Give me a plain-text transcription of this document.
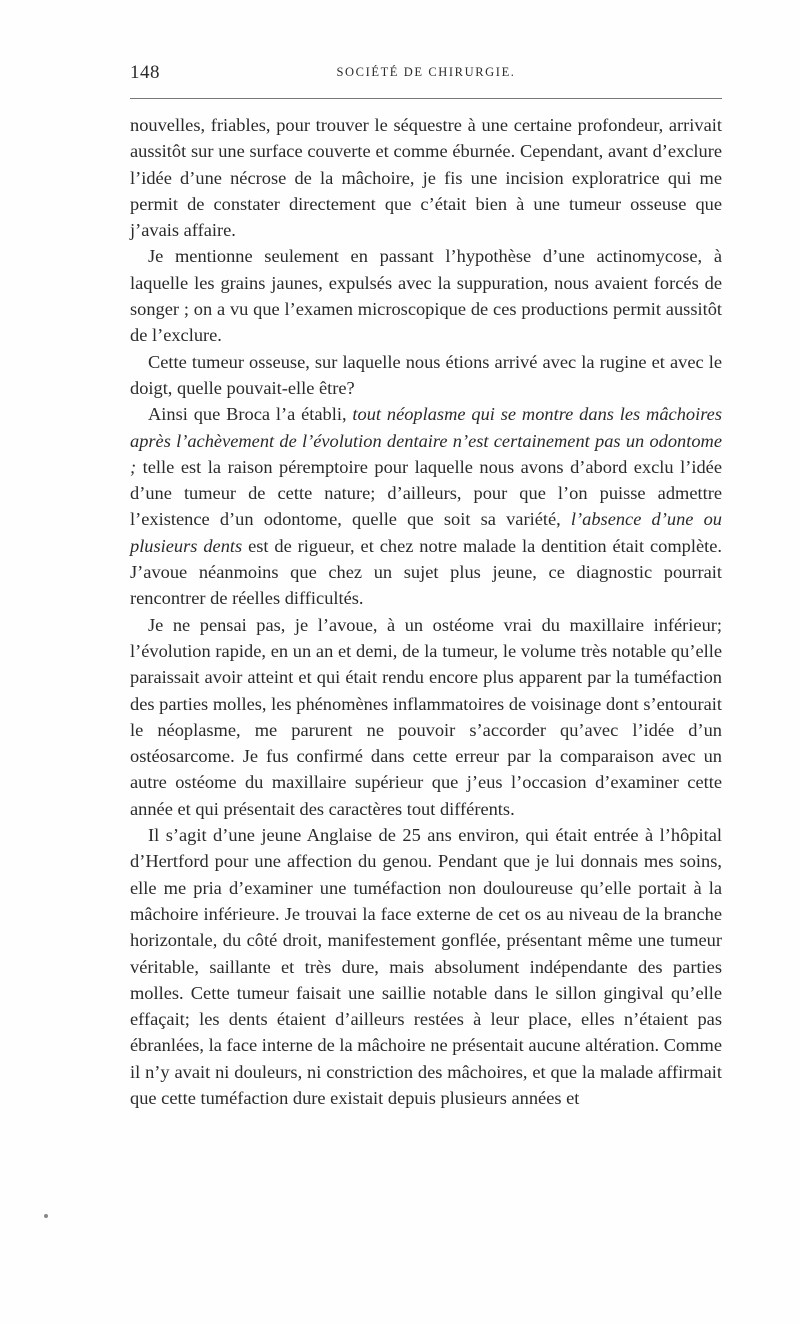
148	SOCIÉTÉ DE CHIRURGIE.

nouvelles, friables, pour trouver le séquestre à une certaine profondeur, arrivait aussitôt sur une surface couverte et comme éburnée. Cependant, avant d’exclure l’idée d’une nécrose de la mâchoire, je fis une incision exploratrice qui me permit de constater directement que c’était bien à une tumeur osseuse que j’avais affaire.

Je mentionne seulement en passant l’hypothèse d’une actinomycose, à laquelle les grains jaunes, expulsés avec la suppuration, nous avaient forcés de songer ; on a vu que l’examen microscopique de ces productions permit aussitôt de l’exclure.

Cette tumeur osseuse, sur laquelle nous étions arrivé avec la rugine et avec le doigt, quelle pouvait-elle être?

Ainsi que Broca l’a établi, tout néoplasme qui se montre dans les mâchoires après l’achèvement de l’évolution dentaire n’est certainement pas un odontome ; telle est la raison péremptoire pour laquelle nous avons d’abord exclu l’idée d’une tumeur de cette nature; d’ailleurs, pour que l’on puisse admettre l’existence d’un odontome, quelle que soit sa variété, l’absence d’une ou plusieurs dents est de rigueur, et chez notre malade la dentition était complète. J’avoue néanmoins que chez un sujet plus jeune, ce diagnostic pourrait rencontrer de réelles difficultés.

Je ne pensai pas, je l’avoue, à un ostéome vrai du maxillaire inférieur; l’évolution rapide, en un an et demi, de la tumeur, le volume très notable qu’elle paraissait avoir atteint et qui était rendu encore plus apparent par la tuméfaction des parties molles, les phénomènes inflammatoires de voisinage dont s’entourait le néoplasme, me parurent ne pouvoir s’accorder qu’avec l’idée d’un ostéosarcome. Je fus confirmé dans cette erreur par la comparaison avec un autre ostéome du maxillaire supérieur que j’eus l’occasion d’examiner cette année et qui présentait des caractères tout différents.

Il s’agit d’une jeune Anglaise de 25 ans environ, qui était entrée à l’hôpital d’Hertford pour une affection du genou. Pendant que je lui donnais mes soins, elle me pria d’examiner une tuméfaction non douloureuse qu’elle portait à la mâchoire inférieure. Je trouvai la face externe de cet os au niveau de la branche horizontale, du côté droit, manifestement gonflée, présentant même une tumeur véritable, saillante et très dure, mais absolument indépendante des parties molles. Cette tumeur faisait une saillie notable dans le sillon gingival qu’elle effaçait; les dents étaient d’ailleurs restées à leur place, elles n’étaient pas ébranlées, la face interne de la mâchoire ne présentait aucune altération. Comme il n’y avait ni douleurs, ni constriction des mâchoires, et que la malade affirmait que cette tuméfaction dure existait depuis plusieurs années et
